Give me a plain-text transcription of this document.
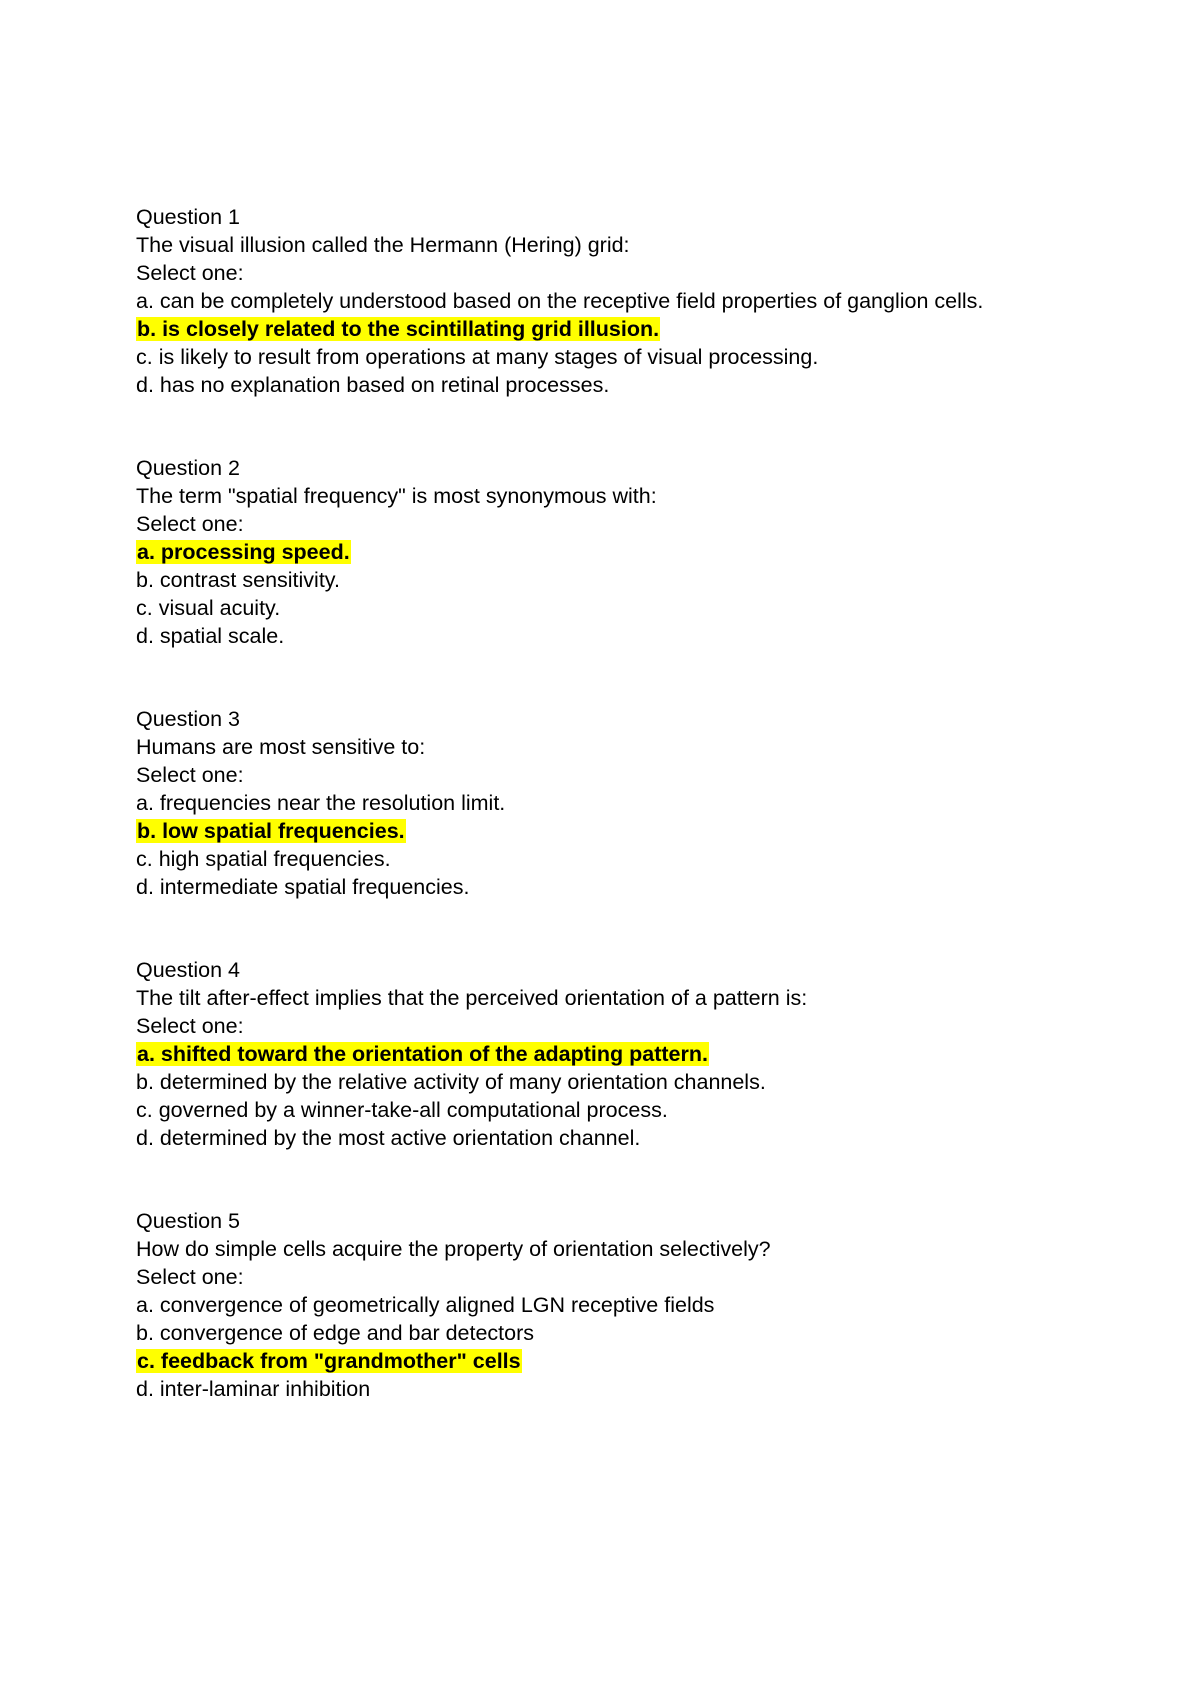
Question 1

The visual illusion called the Hermann (Hering) grid:

Select one:

a. can be completely understood based on the receptive field properties of ganglion cells.

b. is closely related to the scintillating grid illusion.

c. is likely to result from operations at many stages of visual processing.

d. has no explanation based on retinal processes.

Question 2

The term "spatial frequency" is most synonymous with:

Select one:

a. processing speed.

b. contrast sensitivity.

c. visual acuity.

d. spatial scale.

Question 3

Humans are most sensitive to:

Select one:

a. frequencies near the resolution limit.

b. low spatial frequencies.

c. high spatial frequencies.

d. intermediate spatial frequencies.

Question 4

The tilt after-effect implies that the perceived orientation of a pattern is:

Select one:

a. shifted toward the orientation of the adapting pattern.

b. determined by the relative activity of many orientation channels.

c. governed by a winner-take-all computational process.

d. determined by the most active orientation channel.

Question 5

How do simple cells acquire the property of orientation selectively?

Select one:

a. convergence of geometrically aligned LGN receptive fields

b. convergence of edge and bar detectors

c. feedback from "grandmother" cells

d. inter-laminar inhibition
